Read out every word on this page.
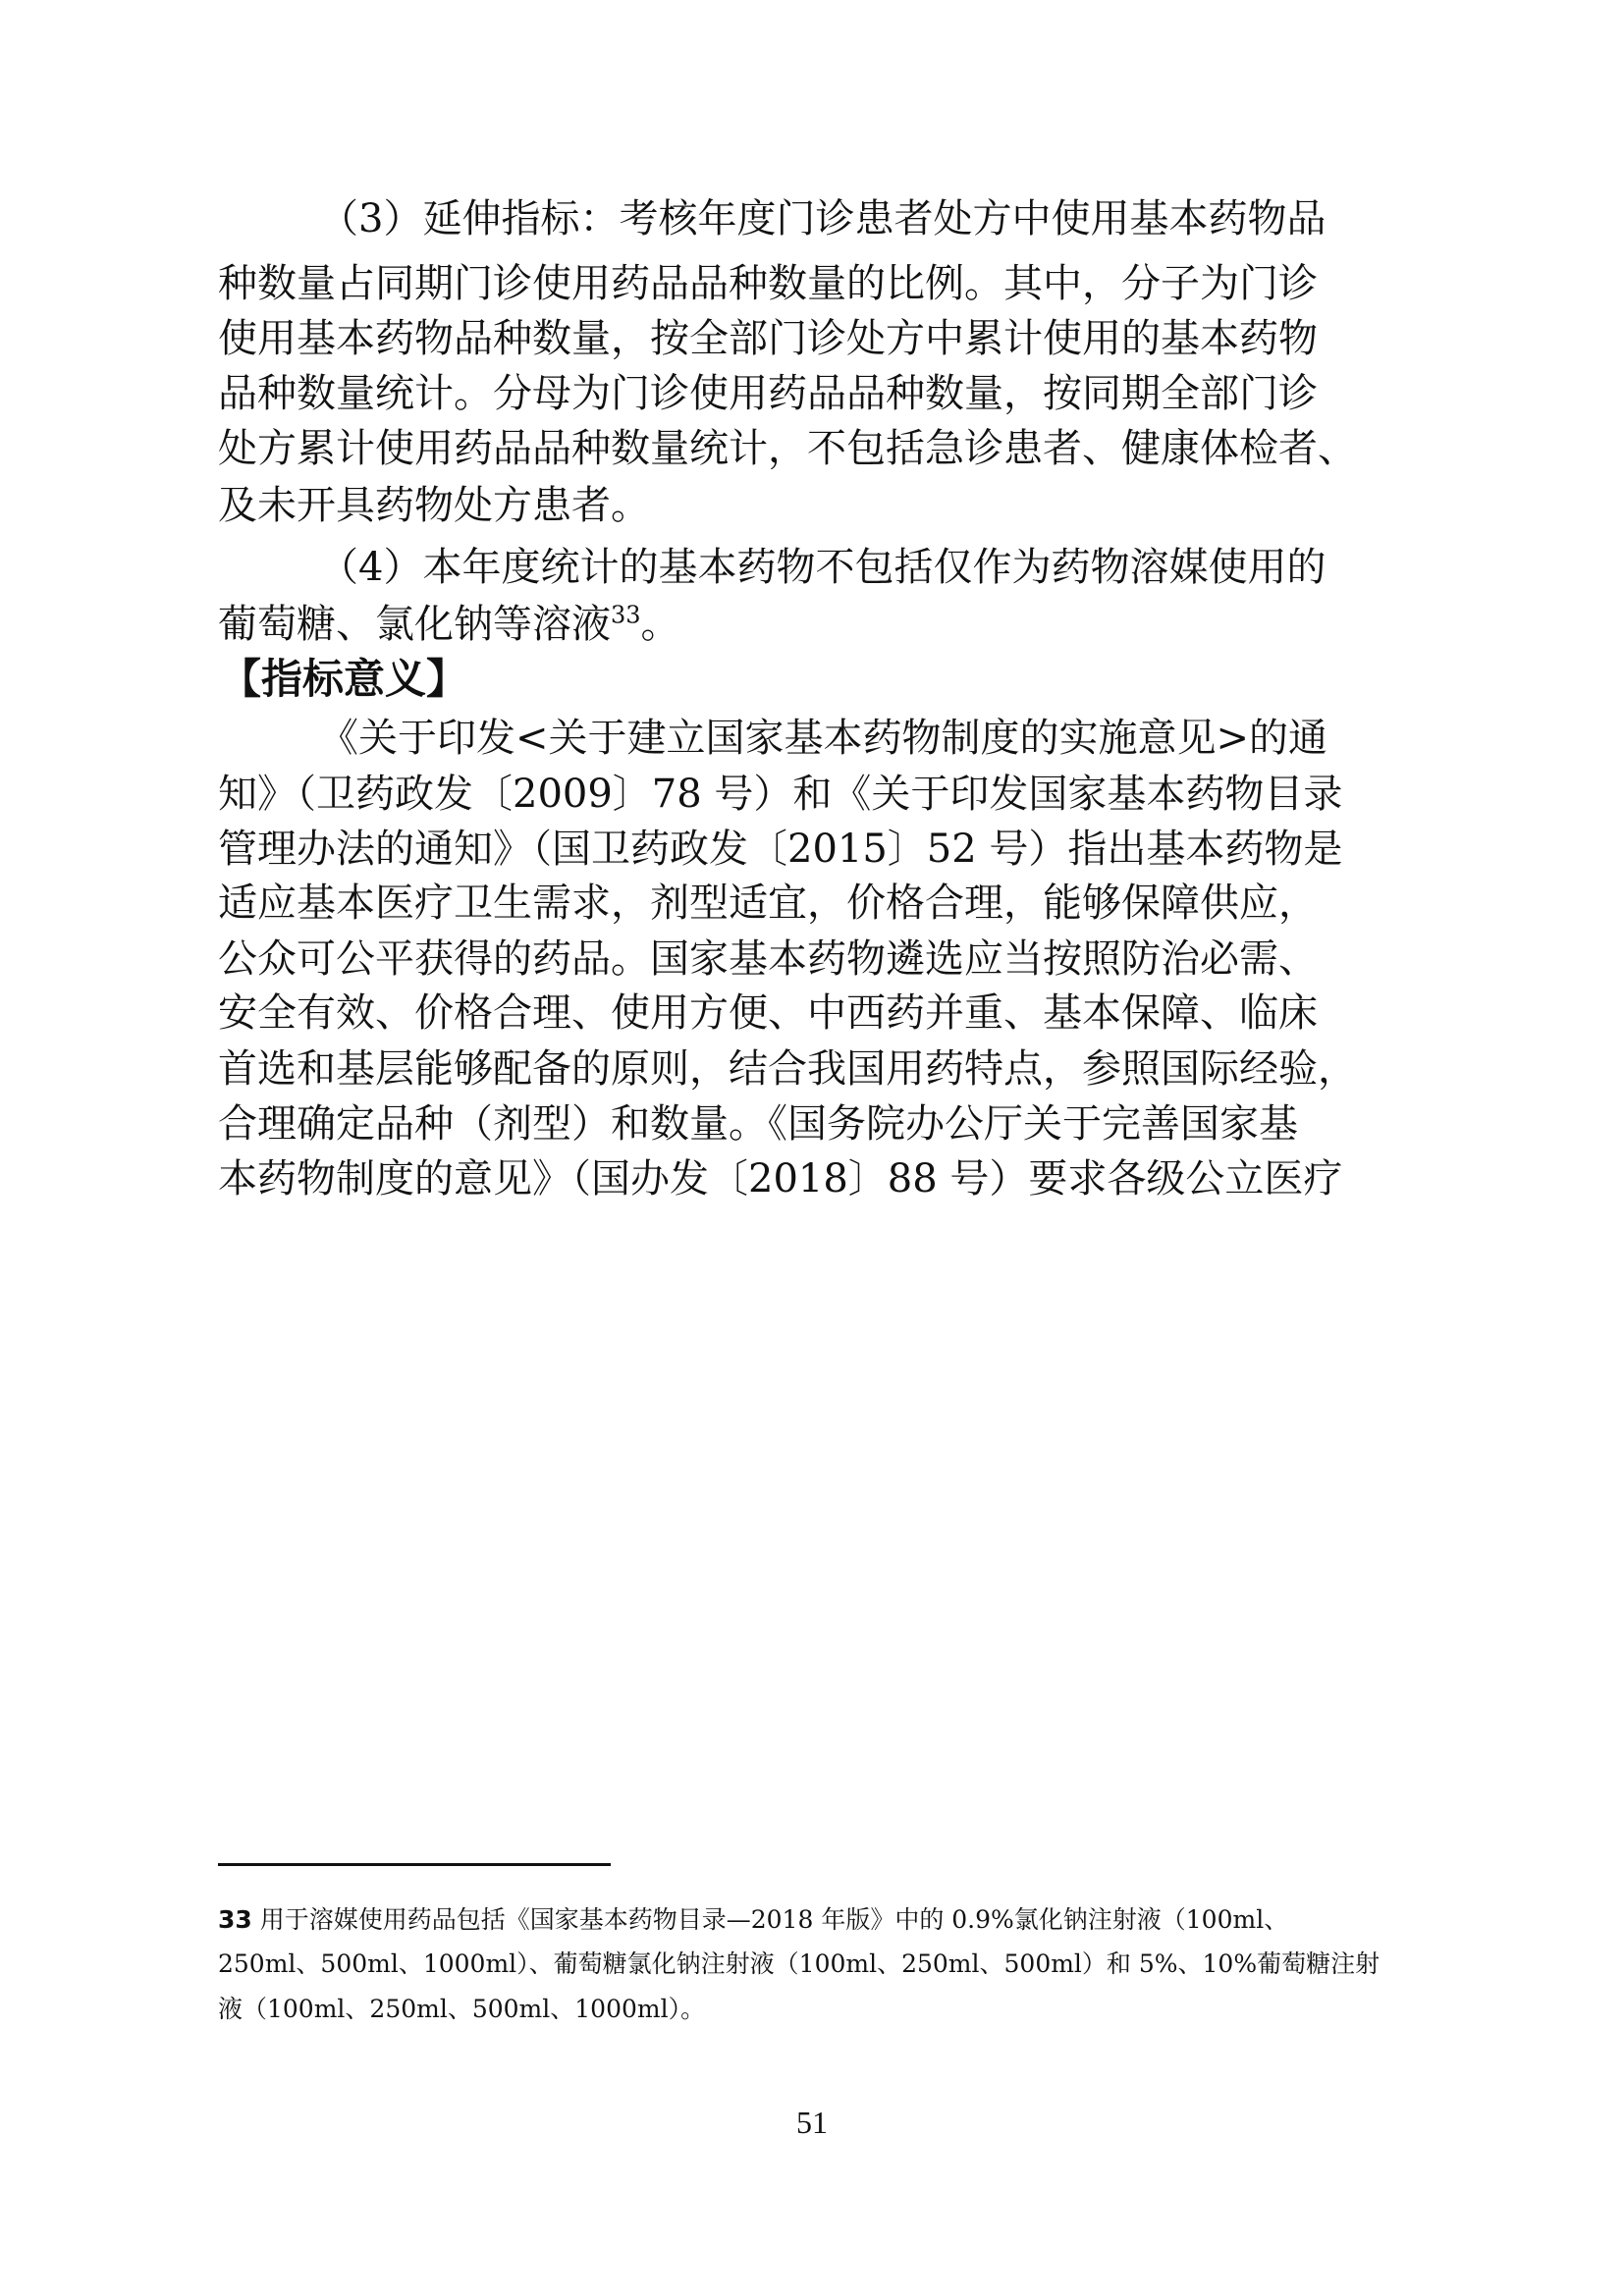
（3）延伸指标：考核年度门诊患者处方中使用基本药物品
种数量占同期门诊使用药品品种数量的比例。其中，分子为门诊
使用基本药物品种数量，按全部门诊处方中累计使用的基本药物
品种数量统计。分母为门诊使用药品品种数量，按同期全部门诊
处方累计使用药品品种数量统计，不包括急诊患者、健康体检者、
及未开具药物处方患者。
（4）本年度统计的基本药物不包括仅作为药物溶媒使用的
葡萄糖、氯化钠等溶液$^{33}$。
【指标意义】
《关于印发<关于建立国家基本药物制度的实施意见>的通
知》（卫药政发〔2009〕78 号）和《关于印发国家基本药物目录
管理办法的通知》（国卫药政发〔2015〕52 号）指出基本药物是
适应基本医疗卫生需求，剂型适宜，价格合理，能够保障供应，
公众可公平获得的药品。国家基本药物遴选应当按照防治必需、
安全有效、价格合理、使用方便、中西药并重、基本保障、临床
首选和基层能够配备的原则，结合我国用药特点，参照国际经验，
合理确定品种（剂型）和数量。《国务院办公厅关于完善国家基
本药物制度的意见》（国办发〔2018〕88 号）要求各级公立医疗
33 用于溶媒使用药品包括《国家基本药物目录—2018 年版》中的 0.9%氯化钠注射液（100ml、
250ml、500ml、1000ml）、葡萄糖氯化钠注射液（100ml、250ml、500ml）和 5%、10%葡萄糖注射
液（100ml、250ml、500ml、1000ml）。
51
